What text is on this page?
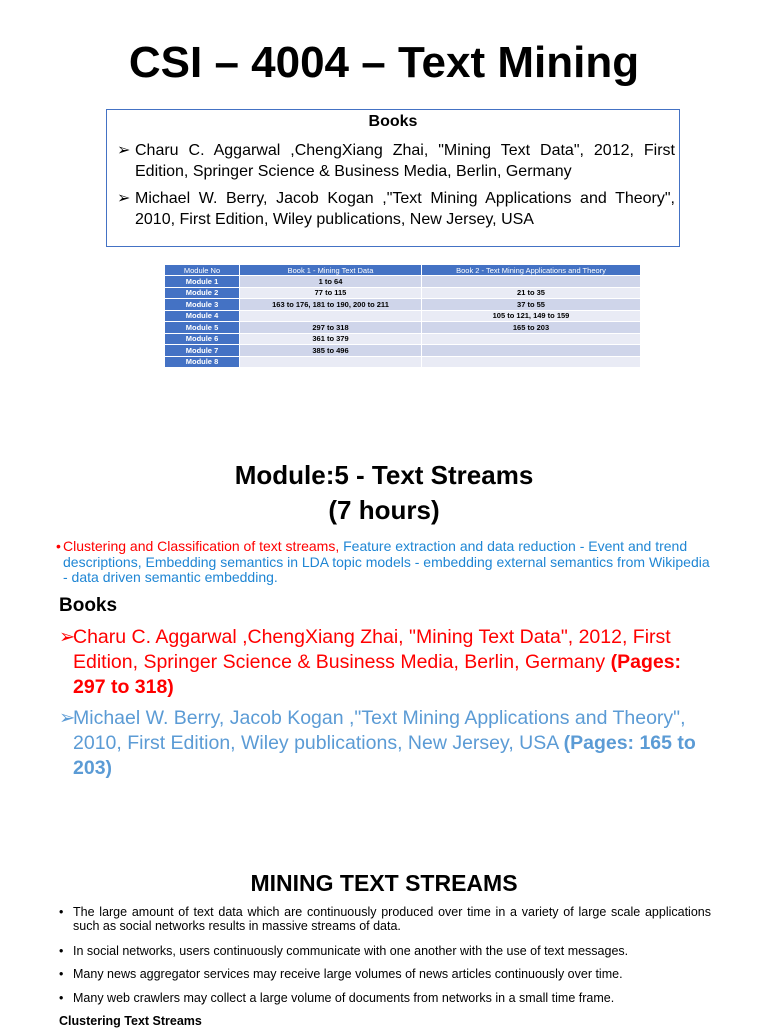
CSI – 4004 – Text Mining
Books
➢ Charu C. Aggarwal ,ChengXiang Zhai, "Mining Text Data", 2012, First Edition, Springer Science & Business Media, Berlin, Germany
➢ Michael W. Berry, Jacob Kogan ,"Text Mining Applications and Theory", 2010, First Edition, Wiley publications, New Jersey, USA
Module No	Book 1 - Mining Text Data	Book 2 - Text Mining Applications and Theory
Module 1	1 to 64	
Module 2	77 to 115	21 to 35
Module 3	163 to 176, 181 to 190, 200 to 211	37 to 55
Module 4		105 to 121, 149 to 159
Module 5	297 to 318	165 to 203
Module 6	361 to 379	
Module 7	385 to 496	
Module 8		
Module:5 - Text Streams
(7 hours)
• Clustering and Classification of text streams, Feature extraction and data reduction - Event and trend descriptions, Embedding semantics in LDA topic models - embedding external semantics from Wikipedia - data driven semantic embedding.
Books
➢
Charu C. Aggarwal ,ChengXiang Zhai, "Mining Text Data", 2012, First Edition, Springer Science & Business Media, Berlin, Germany (Pages: 297 to 318)
➢
Michael W. Berry, Jacob Kogan ,"Text Mining Applications and Theory", 2010, First Edition, Wiley publications, New Jersey, USA (Pages: 165 to 203)
MINING TEXT STREAMS
• The large amount of text data which are continuously produced over time in a variety of large scale applications such as social networks results in massive streams of data.
• In social networks, users continuously communicate with one another with the use of text messages.
• Many news aggregator services may receive large volumes of news articles continuously over time.
• Many web crawlers may collect a large volume of documents from networks in a small time frame.
Clustering Text Streams
